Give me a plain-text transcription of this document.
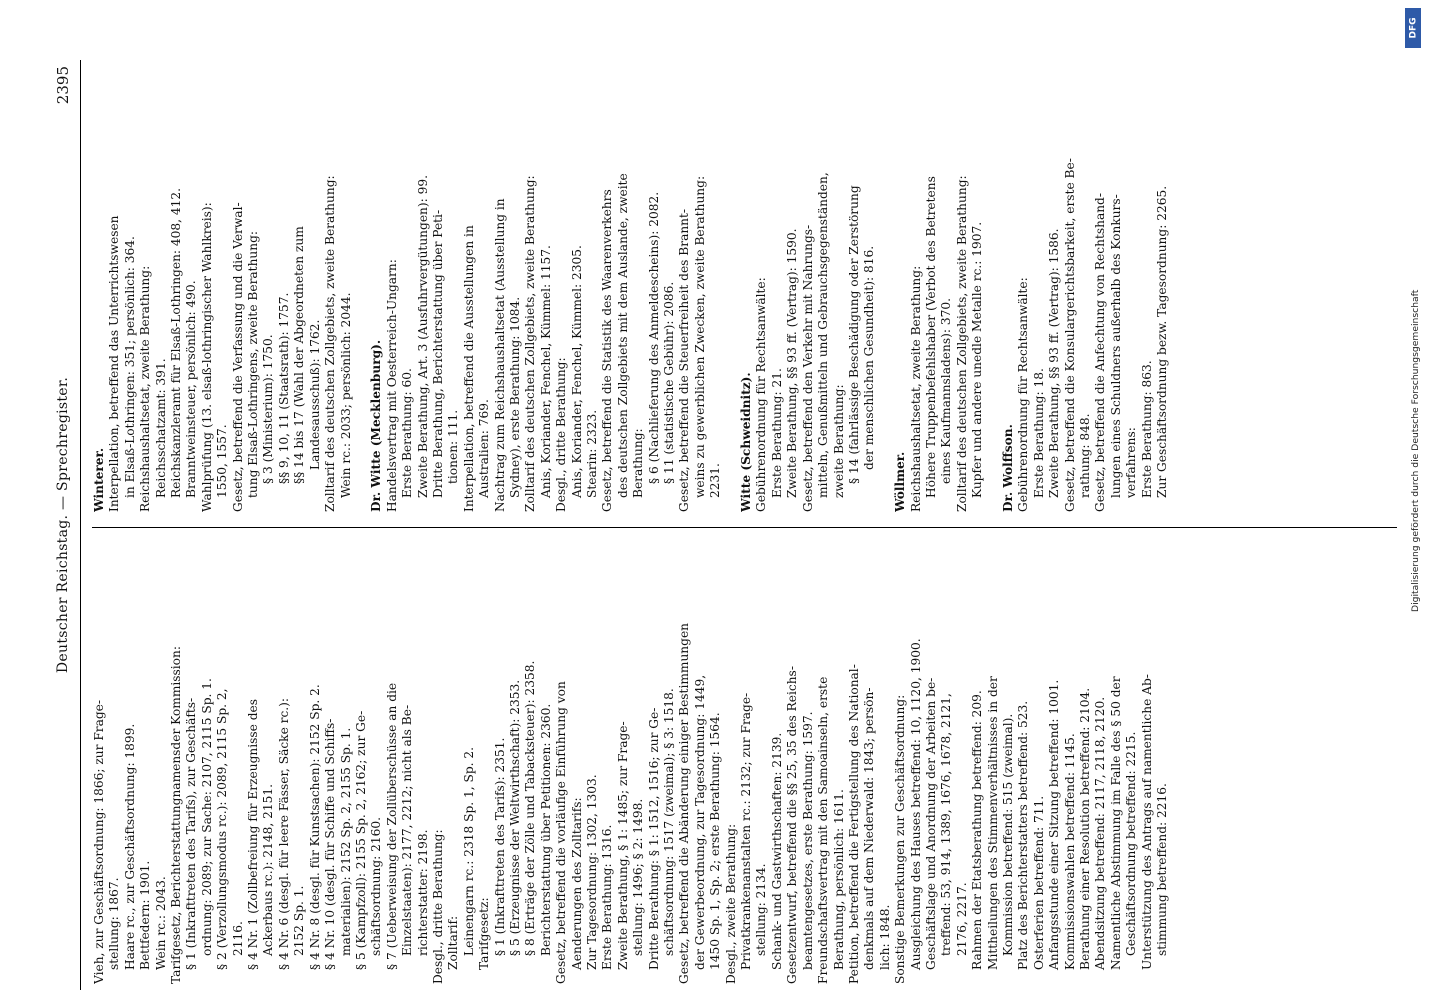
Deutscher Reichstag. — Sprechregister.
2395
Vieh, zur Geschäftsordnung: 1866; zur Frage- stellung: 1867. Haare rc., zur Geschäftsordnung: 1899. Bettfedern: 1901. Wein rc.: 2043. Tarifgesetz, Berichterstattungnamensder Kommission: § 1 (Inkrafttreten des Tarifs), zur Geschäfts- ordnung: 2089; zur Sache: 2107, 2115 Sp. 1. § 2 (Verzollungsmodus rc.): 2089, 2115 Sp. 2, 2116. § 4 Nr. 1 (Zollbefreiung für Erzeugnisse des Ackerbaus rc.): 2148, 2151. § 4 Nr. 6 (desgl. für leere Fässer, Säcke rc.): 2152 Sp. 1. § 4 Nr. 8 (desgl. für Kunstsachen): 2152 Sp. 2. § 4 Nr. 10 (desgl. für Schiffe und Schiffs- materialien): 2152 Sp. 2, 2155 Sp. 1. § 5 (Kampfzoll): 2155 Sp. 2, 2162; zur Ge- schäftsordnung: 2160. § 7 (Ueberweisung der Zollüberschüsse an die Einzelstaaten): 2177, 2212; nicht als Be- richterstatter: 2198. Desgl., dritte Berathung: Zolltarif: Leinengarn rc.: 2318 Sp. 1, Sp. 2. Tarifgesetz: § 1 (Inkrafttreten des Tarifs): 2351. § 5 (Erzeugnisse der Weltwirthschaft): 2353. § 8 (Erträge der Zölle und Tabacksteuer): 2358. Berichterstattung über Petitionen: 2360. Gesetz, betreffend die vorläufige Einführung von Aenderungen des Zolltarifs: Zur Tagesordnung: 1302, 1303. Erste Berathung: 1316. Zweite Berathung, § 1: 1485; zur Frage- stellung: 1496; § 2: 1498. Dritte Berathung: § 1: 1512, 1516; zur Ge- schäftsordnung: 1517 (zweimal); § 3: 1518. Gesetz, betreffend die Abänderung einiger Bestimmungen der Gewerbeordnung, zur Tagesordnung: 1449, 1450 Sp. 1, Sp. 2; erste Berathung: 1564. Desgl., zweite Berathung: Privatkrankenanstalten rc.: 2132; zur Frage- stellung: 2134. Schank- und Gastwirthschaften: 2139. Gesetzentwurf, betreffend die §§ 25, 35 des Reichs- beamtengesetzes, erste Berathung: 1597. Freundschaftsvertrag mit den Samoainseln, erste Berathung, persönlich: 1611. Petition, betreffend die Fertigstellung des National- denkmals auf dem Niederwald: 1843; persön- lich: 1848. Sonstige Bemerkungen zur Geschäftsordnung: Ausgleichung des Hauses betreffend: 10, 1120, 1900. Geschäftslage und Anordnung der Arbeiten be- treffend: 53, 914, 1389, 1676, 1678, 2121, 2176, 2217. Rahmen der Etatsberathung betreffend: 209. Mittheilungen des Stimmenverhältnisses in der Kommission betreffend: 515 (zweimal). Platz des Berichterstatters betreffend: 523. Osterferien betreffend: 711. Anfangsstunde einer Sitzung betreffend: 1001. Kommissionswahlen betreffend: 1145. Berathung einer Resolution betreffend: 2104. Abendsitzung betreffend: 2117, 2118, 2120. Namentliche Abstimmung im Falle des § 50 der Geschäftsordnung betreffend: 2215. Unterstützung des Antrags auf namentliche Ab- stimmung betreffend: 2216.
Winterer. Interpellation, betreffend das Unterrichtswesen in Elsaß-Lothringen: 351; persönlich: 364. Reichshaushaltsetat, zweite Berathung: Reichsschatzamt: 391. Reichskanzleramt für Elsaß-Lothringen: 408, 412. Branntweinsteuer, persönlich: 490. Wahlprüfung (13. elsaß-lothringischer Wahlkreis): 1550, 1557. Gesetz, betreffend die Verfassung und die Verwal- tung Elsaß-Lothringens, zweite Berathung: § 3 (Ministerium): 1750. §§ 9, 10, 11 (Staatsrath): 1757. §§ 14 bis 17 (Wahl der Abgeordneten zum Landesausschuß): 1762. Zolltarif des deutschen Zollgebiets, zweite Berathung: Wein rc.: 2033; persönlich: 2044.
Dr. Witte (Mecklenburg). Handelsvertrag mit Oesterreich-Ungarn: Erste Berathung: 60. Zweite Berathung, Art. 3 (Ausfuhrvergütungen): 99. Dritte Berathung, Berichterstattung über Peti- tionen: 111. Interpellation, betreffend die Ausstellungen in Australien: 769. Nachtrag zum Reichshaushaltsetat (Ausstellung in Sydney), erste Berathung: 1084. Zolltarif des deutschen Zollgebiets, zweite Berathung: Anis, Koriander, Fenchel, Kümmel: 1157. Desgl., dritte Berathung: Anis, Koriander, Fenchel, Kümmel: 2305. Stearin: 2323. Gesetz, betreffend die Statistik des Waarenverkehrs des deutschen Zollgebiets mit dem Auslande, zweite Berathung: § 6 (Nachlieferung des Anmeldescheins): 2082. § 11 (statistische Gebühr): 2086. Gesetz, betreffend die Steuerfreiheit des Brannt- weins zu gewerblichen Zwecken, zweite Berathung: 2231.
Witte (Schweidnitz). Gebührenordnung für Rechtsanwälte: Erste Berathung: 21. Zweite Berathung, §§ 93 ff. (Vertrag): 1590. Gesetz, betreffend den Verkehr mit Nahrungs- mitteln, Genußmitteln und Gebrauchsgegenständen, zweite Berathung: § 14 (fahrlässige Beschädigung oder Zerstörung der menschlichen Gesundheit): 816.

Wöllmer. Reichshaushaltsetat, zweite Berathung: Höhere Truppenbefehlshaber (Verbot des Betretens eines Kaufmannsladens): 370. Zolltarif des deutschen Zollgebiets, zweite Berathung: Kupfer und andere unedle Metalle rc.: 1907.
Dr. Wolffson. Gebührenordnung für Rechtsanwälte: Erste Berathung: 18. Zweite Berathung, §§ 93 ff. (Vertrag): 1586. Gesetz, betreffend die Konsulargerichtsbarkeit, erste Be- rathung: 848. Gesetz, betreffend die Anfechtung von Rechtshand- lungen eines Schuldners außerhalb des Konkurs- verfahrens: Erste Berathung: 863. Zur Geschäftsordnung bezw. Tagesordnung: 2265.
DFG
Digitalisierung gefördert durch die Deutsche Forschungsgemeinschaft
